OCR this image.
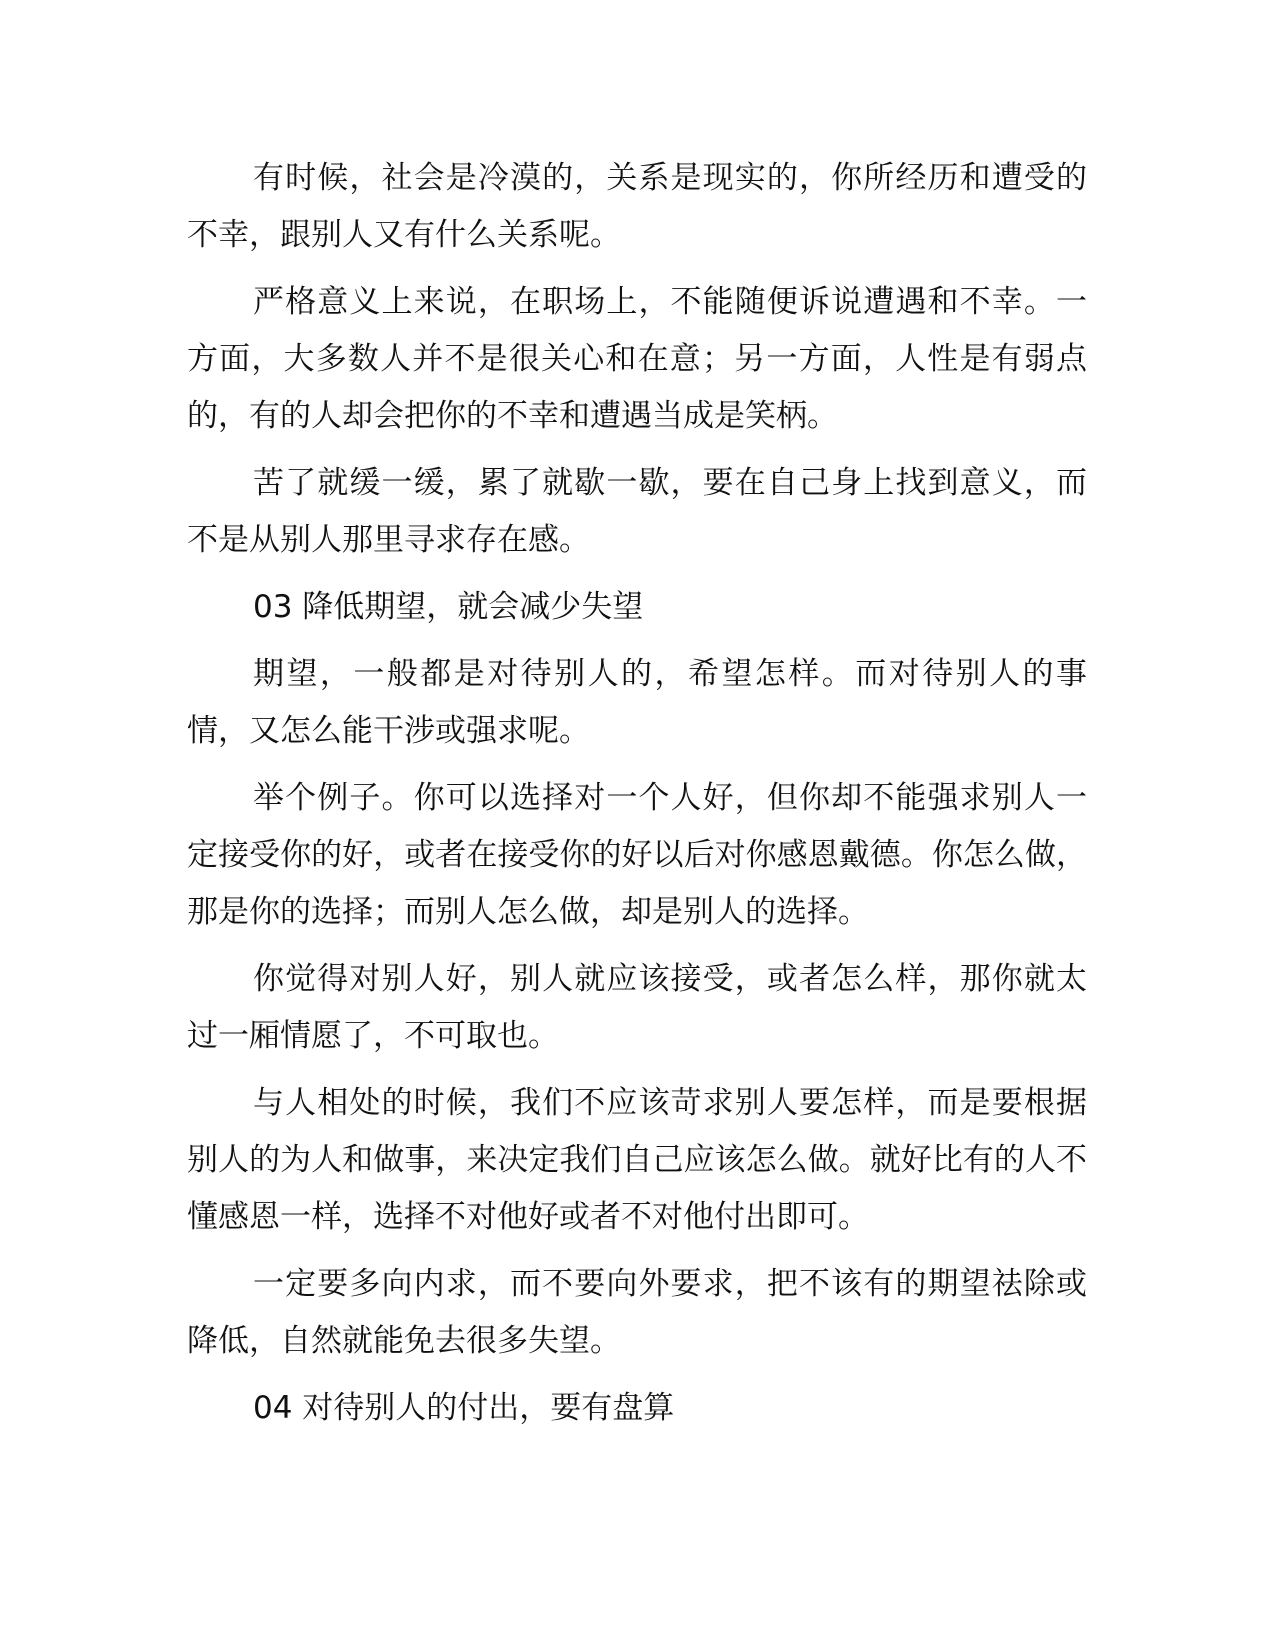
有时候，社会是冷漠的，关系是现实的，你所经历和遭受的不幸，跟别人又有什么关系呢。

严格意义上来说，在职场上，不能随便诉说遭遇和不幸。一方面，大多数人并不是很关心和在意；另一方面，人性是有弱点的，有的人却会把你的不幸和遭遇当成是笑柄。

苦了就缓一缓，累了就歇一歇，要在自己身上找到意义，而不是从别人那里寻求存在感。

03 降低期望，就会减少失望

期望，一般都是对待别人的，希望怎样。而对待别人的事情，又怎么能干涉或强求呢。

举个例子。你可以选择对一个人好，但你却不能强求别人一定接受你的好，或者在接受你的好以后对你感恩戴德。你怎么做，那是你的选择；而别人怎么做，却是别人的选择。

你觉得对别人好，别人就应该接受，或者怎么样，那你就太过一厢情愿了，不可取也。

与人相处的时候，我们不应该苛求别人要怎样，而是要根据别人的为人和做事，来决定我们自己应该怎么做。就好比有的人不懂感恩一样，选择不对他好或者不对他付出即可。

一定要多向内求，而不要向外要求，把不该有的期望祛除或降低，自然就能免去很多失望。

04 对待别人的付出，要有盘算
